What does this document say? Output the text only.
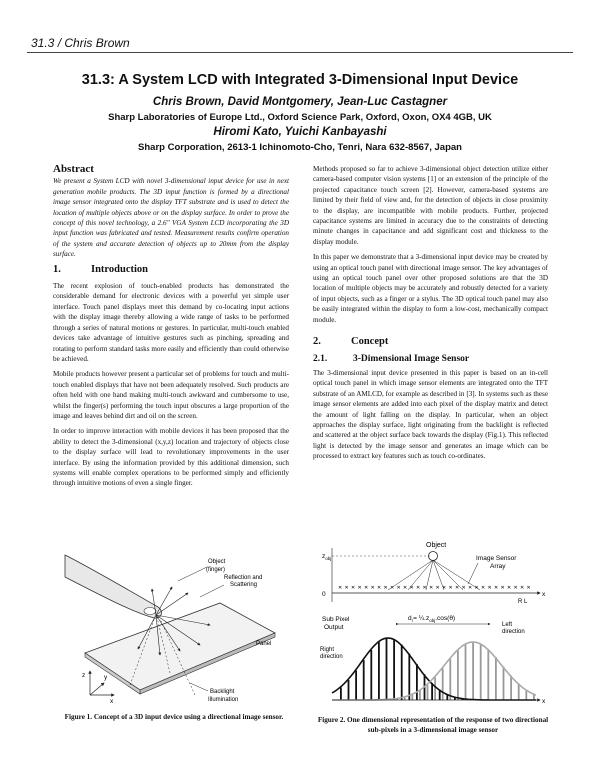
31.3 / Chris Brown
31.3: A System LCD with Integrated 3-Dimensional Input Device
Chris Brown, David Montgomery, Jean-Luc Castagner
Sharp Laboratories of Europe Ltd., Oxford Science Park, Oxford, Oxon, OX4 4GB, UK
Hiromi Kato, Yuichi Kanbayashi
Sharp Corporation, 2613-1 Ichinomoto-Cho, Tenri, Nara 632-8567, Japan
Abstract

We present a System LCD with novel 3-dimensional input device for use in next generation mobile products. The 3D input function is formed by a directional image sensor integrated onto the display TFT substrate and is used to detect the location of multiple objects above or on the display surface. In order to prove the concept of this novel technology, a 2.6" VGA System LCD incorporating the 3D input function was fabricated and tested. Measurement results confirm operation of the system and accurate detection of objects up to 20mm from the display surface.

1.	Introduction

The recent explosion of touch-enabled products has demonstrated the considerable demand for electronic devices with a powerful yet simple user interface. Touch panel displays meet this demand by co-locating input actions with the display image thereby allowing a wide range of tasks to be performed through a series of natural motions or gestures. In particular, multi-touch enabled devices take advantage of intuitive gestures such as pinching, spreading and rotating to perform standard tasks more easily and efficiently than could otherwise be achieved.

Mobile products however present a particular set of problems for touch and multi-touch enabled displays that have not been adequately resolved. Such products are often held with one hand making multi-touch awkward and cumbersome to use, whilst the finger(s) performing the touch input obscures a large proportion of the image and leaves behind dirt and oil on the screen.

In order to improve interaction with mobile devices it has been proposed that the ability to detect the 3-dimensional (x,y,z) location and trajectory of objects close to the display surface will lead to revolutionary improvements in the user interface. By using the information provided by this additional dimension, such systems will enable complex operations to be performed simply and efficiently through intuitive motions of even a single finger.

Methods proposed so far to achieve 3-dimensional object detection utilize either camera-based computer vision systems [1] or an extension of the principle of the projected capacitance touch screen [2]. However, camera-based systems are limited by their field of view and, for the detection of objects in close proximity to the display, are incompatible with mobile products. Further, projected capacitance systems are limited in accuracy due to the constraints of detecting minute changes in capacitance and add significant cost and thickness to the display module.

In this paper we demonstrate that a 3-dimensional input device may be created by using an optical touch panel with directional image sensor. The key advantages of using an optical touch panel over other proposed solutions are that the 3D location of multiple objects may be accurately and robustly detected for a variety of input objects, such as a finger or a stylus. The 3D optical touch panel may also be easily integrated within the display to form a low-cost, mechanically compact module.

2.	Concept
2.1.	3-Dimensional Image Sensor

The 3-dimensional input device presented in this paper is based on an in-cell optical touch panel in which image sensor elements are integrated onto the TFT substrate of an AMLCD, for example as described in [3]. In systems such as these image sensor elements are added into each pixel of the display matrix and detect the amount of light falling on the display. In particular, when an object approaches the display surface, light originating from the backlight is reflected and scattered at the object surface back towards the display (Fig.1). This reflected light is detected by the image sensor and generates an image which can be processed to extract key features such as touch co-ordinates.

z
x
y
Object
(finger)
Reflection and
Scattering
Panel
Backlight
Illumination
Figure 1. Concept of a 3D input device using a directional image sensor.
Object
Image Sensor
Array
$z_{obj}$
0
✕ ✕ ✕ ✕ ✕ ✕ ✕ ✕ ✕ ✕ ✕ ✕ ✕ ✕ ✕ ✕ ✕ ✕ ✕ ✕ ✕ ✕ ✕ ✕ ✕ ✕ ✕ ✕ ✕ ✕
x
R L
Sub Pixel
Output
Right
direction
Left
direction
$d_r=$ $\frac{1}{4}.z_{obj}.\cos(\theta)$
x
Figure 2. One dimensional representation of the response of two directional sub-pixels in a 3-dimensional image sensor
